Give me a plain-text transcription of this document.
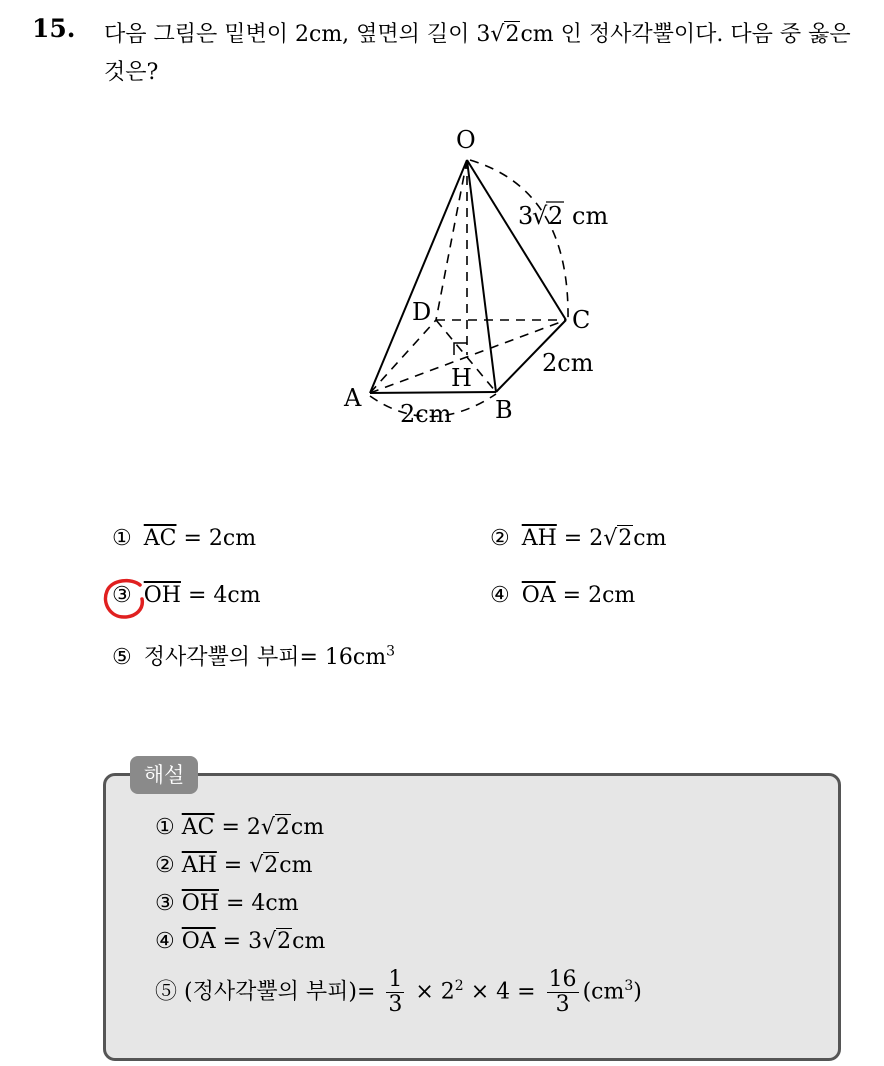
15. 다음 그림은 밑변이 2cm, 옆면의 길이 3√2cm 인 정사각뿔이다. 다음 중 옳은 것은?
O
A	B
C
D
H
3
√ 2 cm
2cm
2cm
① $\overline{AC} = 2cm$	② $\overline{AH} = 2√2cm$
③ $\overline{OH} = 4cm$	④ $\overline{OA} = 2cm$
⑤ 정사각뿔의 부피= $16cm^3$
해설
① $\overline{AC} = 2√2cm$
② $\overline{AH} = √2cm$
③ $\overline{OH} = 4cm$
④ $\overline{OA} = 3√2cm$
⑤ (정사각뿔의 부피)= $\frac{1}{3} \times 2^2 \times 4 = \frac{16}{3} (cm^3)$
